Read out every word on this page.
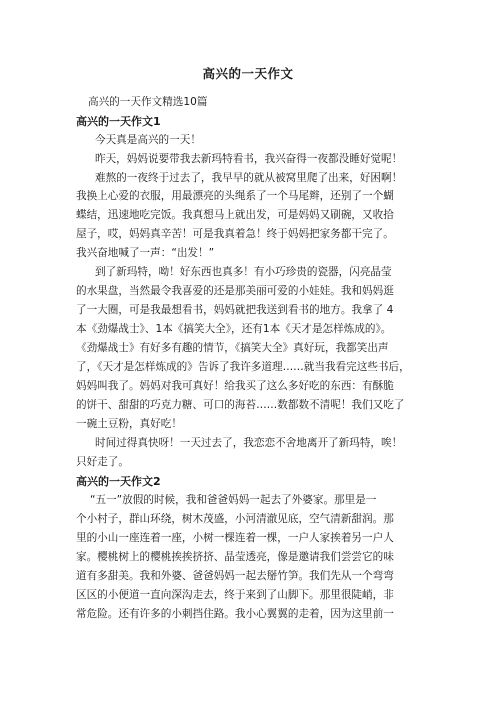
高兴的一天作文
高兴的一天作文精选10篇
高兴的一天作文1
今天真是高兴的一天！
昨天，妈妈说要带我去新玛特看书，我兴奋得一夜都没睡好觉呢！
难熬的一夜终于过去了，我早早的就从被窝里爬了出来，好困啊！
我换上心爱的衣服，用最漂亮的头绳系了一个马尾辫，还别了一个蝴
蝶结，迅速地吃完饭。我真想马上就出发，可是妈妈又刷碗，又收拾
屋子，哎，妈妈真辛苦！可是我真着急！终于妈妈把家务都干完了。
我兴奋地喊了一声：“出发！”
到了新玛特，呦！好东西也真多！有小巧珍贵的瓷器，闪亮晶莹
的水果盘，当然最令我喜爱的还是那美丽可爱的小娃娃。我和妈妈逛
了一大圈，可是我最想看书，妈妈就把我送到看书的地方。我拿了 4
本《劲爆战士》、1本《搞笑大全》，还有1本《天才是怎样炼成的》。
《劲爆战士》有好多有趣的情节，《搞笑大全》真好玩，我都笑出声
了，《天才是怎样炼成的》告诉了我许多道理……就当我看完这些书后，
妈妈叫我了。妈妈对我可真好！给我买了这么多好吃的东西：有酥脆
的饼干、甜甜的巧克力糖、可口的海苔……数都数不清呢！我们又吃了
一碗土豆粉，真好吃！
时间过得真快呀！一天过去了，我恋恋不舍地离开了新玛特，唉！
只好走了。
高兴的一天作文2
“五一”放假的时候，我和爸爸妈妈一起去了外婆家。那里是一
个小村子，群山环绕，树木茂盛，小河清澈见底，空气清新甜润。那
里的小山一座连着一座，小树一棵连着一棵，一户人家挨着另一户人
家。樱桃树上的樱桃挨挨挤挤、晶莹透亮，像是邀请我们尝尝它的味
道有多甜美。我和外婆、爸爸妈妈一起去掰竹笋。我们先从一个弯弯
区区的小便道一直向深沟走去，终于来到了山脚下。那里很陡峭，非
常危险。还有许多的小刺挡住路。我小心翼翼的走着，因为这里前一
